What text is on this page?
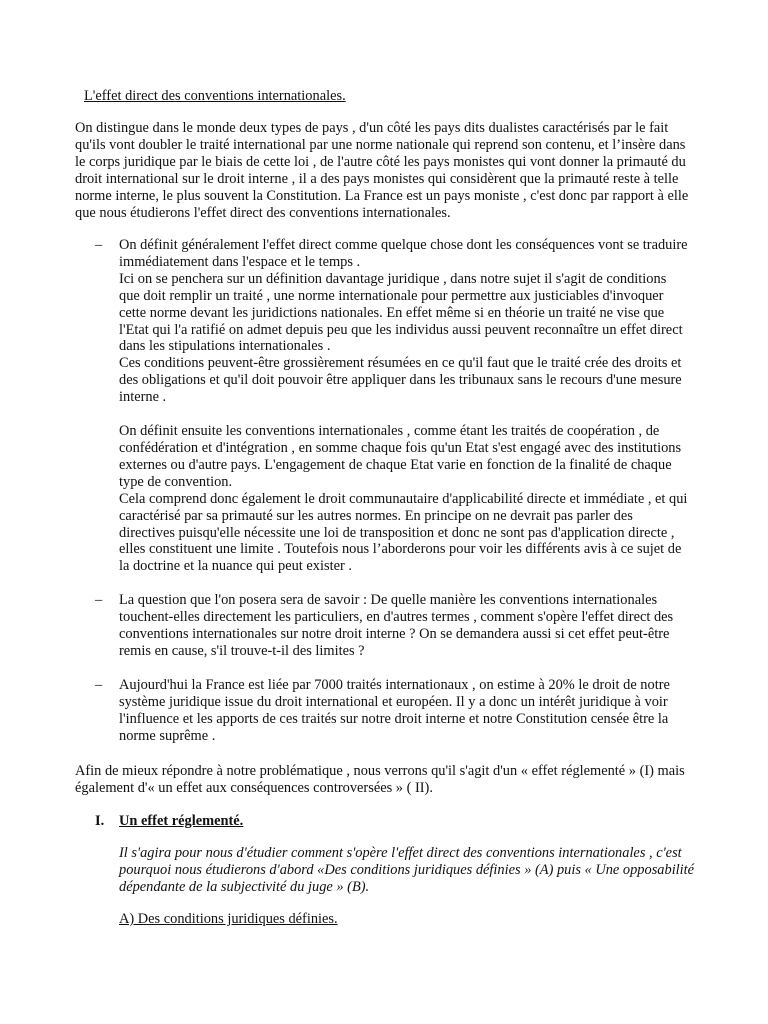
L'effet direct des conventions internationales.

On distingue dans le monde deux types de pays , d'un côté les pays dits dualistes caractérisés par le fait qu'ils vont doubler le traité international par une norme nationale qui reprend son contenu, et l’insère dans le corps juridique par le biais de cette loi , de l'autre côté les pays monistes qui vont donner la primauté du droit international sur le droit interne , il a des pays monistes qui considèrent que la primauté reste à telle norme interne, le plus souvent la Constitution. La France est un pays moniste , c'est donc par rapport à elle que nous étudierons l'effet direct des conventions internationales.

– On définit généralement l'effet direct comme quelque chose dont les conséquences vont se traduire immédiatement dans l'espace et le temps .

Ici on se penchera sur un définition davantage juridique , dans notre sujet il s'agit de conditions que doit remplir un traité , une norme internationale pour permettre aux justiciables d'invoquer cette norme devant les juridictions nationales. En effet même si en théorie un traité ne vise que l'Etat qui l'a ratifié on admet depuis peu que les individus aussi peuvent reconnaître un effet direct dans les stipulations internationales .

Ces conditions peuvent-être grossièrement résumées en ce qu'il faut que le traité crée des droits et des obligations et qu'il doit pouvoir être appliquer dans les tribunaux sans le recours d'une mesure interne .

On définit ensuite les conventions internationales , comme étant les traités de coopération , de confédération et d'intégration , en somme chaque fois qu'un Etat s'est engagé avec des institutions externes ou d'autre pays. L'engagement de chaque Etat varie en fonction de la finalité de chaque type de convention.

Cela comprend donc également le droit communautaire d'applicabilité directe et immédiate , et qui caractérisé par sa primauté sur les autres normes. En principe on ne devrait pas parler des directives puisqu'elle nécessite une loi de transposition et donc ne sont pas d'application directe , elles constituent une limite . Toutefois nous l’aborderons pour voir les différents avis à ce sujet de la doctrine et la nuance qui peut exister .

– La question que l'on posera sera de savoir : De quelle manière les conventions internationales touchent-elles directement les particuliers, en d'autres termes , comment s'opère l'effet direct des conventions internationales sur notre droit interne ? On se demandera aussi si cet effet peut-être remis en cause, s'il trouve-t-il des limites ?

– Aujourd'hui la France est liée par 7000 traités internationaux , on estime à 20% le droit de notre système juridique issue du droit international et européen. Il y a donc un intérêt juridique à voir l'influence et les apports de ces traités sur notre droit interne et notre Constitution censée être la norme suprême .

Afin de mieux répondre à notre problématique , nous verrons qu'il s'agit d'un « effet réglementé » (I) mais également d'« un effet aux conséquences controversées » ( II).

I. Un effet réglementé.

Il s'agira pour nous d'étudier comment s'opère l'effet direct des conventions internationales , c'est pourquoi nous étudierons d'abord «Des conditions juridiques définies » (A) puis « Une opposabilité dépendante de la subjectivité du juge » (B).

A) Des conditions juridiques définies.
